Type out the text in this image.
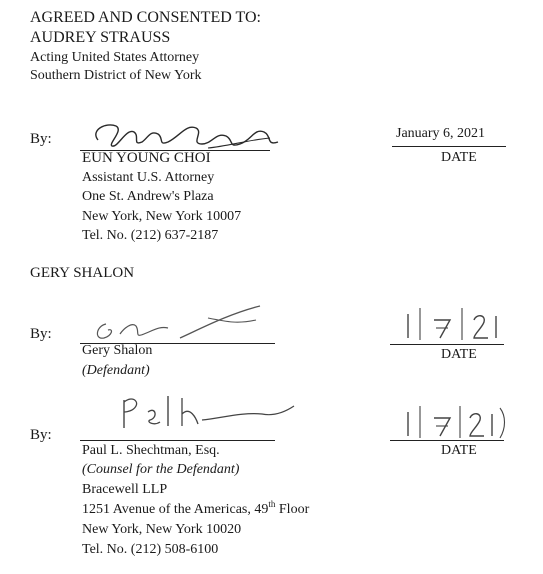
AGREED AND CONSENTED TO:
AUDREY STRAUSS
Acting United States Attorney
Southern District of New York
By:
EUN YOUNG CHOI
Assistant U.S. Attorney
One St. Andrew's Plaza
New York, New York 10007
Tel. No. (212) 637-2187
January 6, 2021
DATE
GERY SHALON
By:
Gery Shalon
(Defendant)
DATE
By:
Paul L. Shechtman, Esq.
(Counsel for the Defendant)
Bracewell LLP
1251 Avenue of the Americas, 49th Floor
New York, New York 10020
Tel. No. (212) 508-6100
DATE
